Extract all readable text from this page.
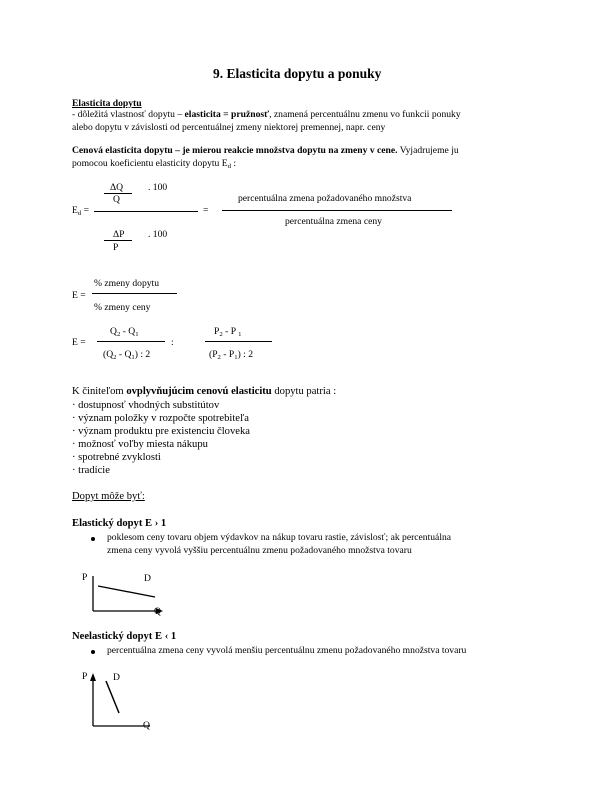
9. Elasticita dopytu a ponuky
Elasticita dopytu
- dôležitá vlastnosť dopytu – elasticita = pružnosť, znamená percentuálnu zmenu vo funkcii ponuky
alebo dopytu v závislosti od percentuálnej zmeny niektorej premennej, napr. ceny
Cenová elasticita dopytu – je mierou reakcie množstva dopytu na zmeny v cene. Vyjadrujeme ju
pomocou koeficientu elasticity dopytu $E_d$ :
ΔQ
Q
. 100
$E_d$ =
ΔP
P
. 100
=
percentuálna zmena požadovaného množstva
percentuálna zmena ceny
% zmeny dopytu
E =
% zmeny ceny
$Q_2 - Q_1$
E =
$(Q_2 - Q_1)$ : 2
:
$P_2$ - P $_1$
$(P_2 - P_1)$ : 2
K činiteľom ovplyvňujúcim cenovú elasticitu dopytu patria :
· dostupnosť vhodných substitútov
· význam položky v rozpočte spotrebiteľa
· význam produktu pre existenciu človeka
· možnosť voľby miesta nákupu
· spotrebné zvyklosti
· tradície
Dopyt môže byť:
Elastický dopyt E › 1
poklesom ceny tovaru objem výdavkov na nákup tovaru rastie, závislosť; ak percentuálna
zmena ceny vyvolá vyššiu percentuálnu zmenu požadovaného množstva tovaru
P	D
Q
Neelastický dopyt E ‹ 1
percentuálna zmena ceny vyvolá menšiu percentuálnu zmenu požadovaného množstva tovaru
P	D
Q
